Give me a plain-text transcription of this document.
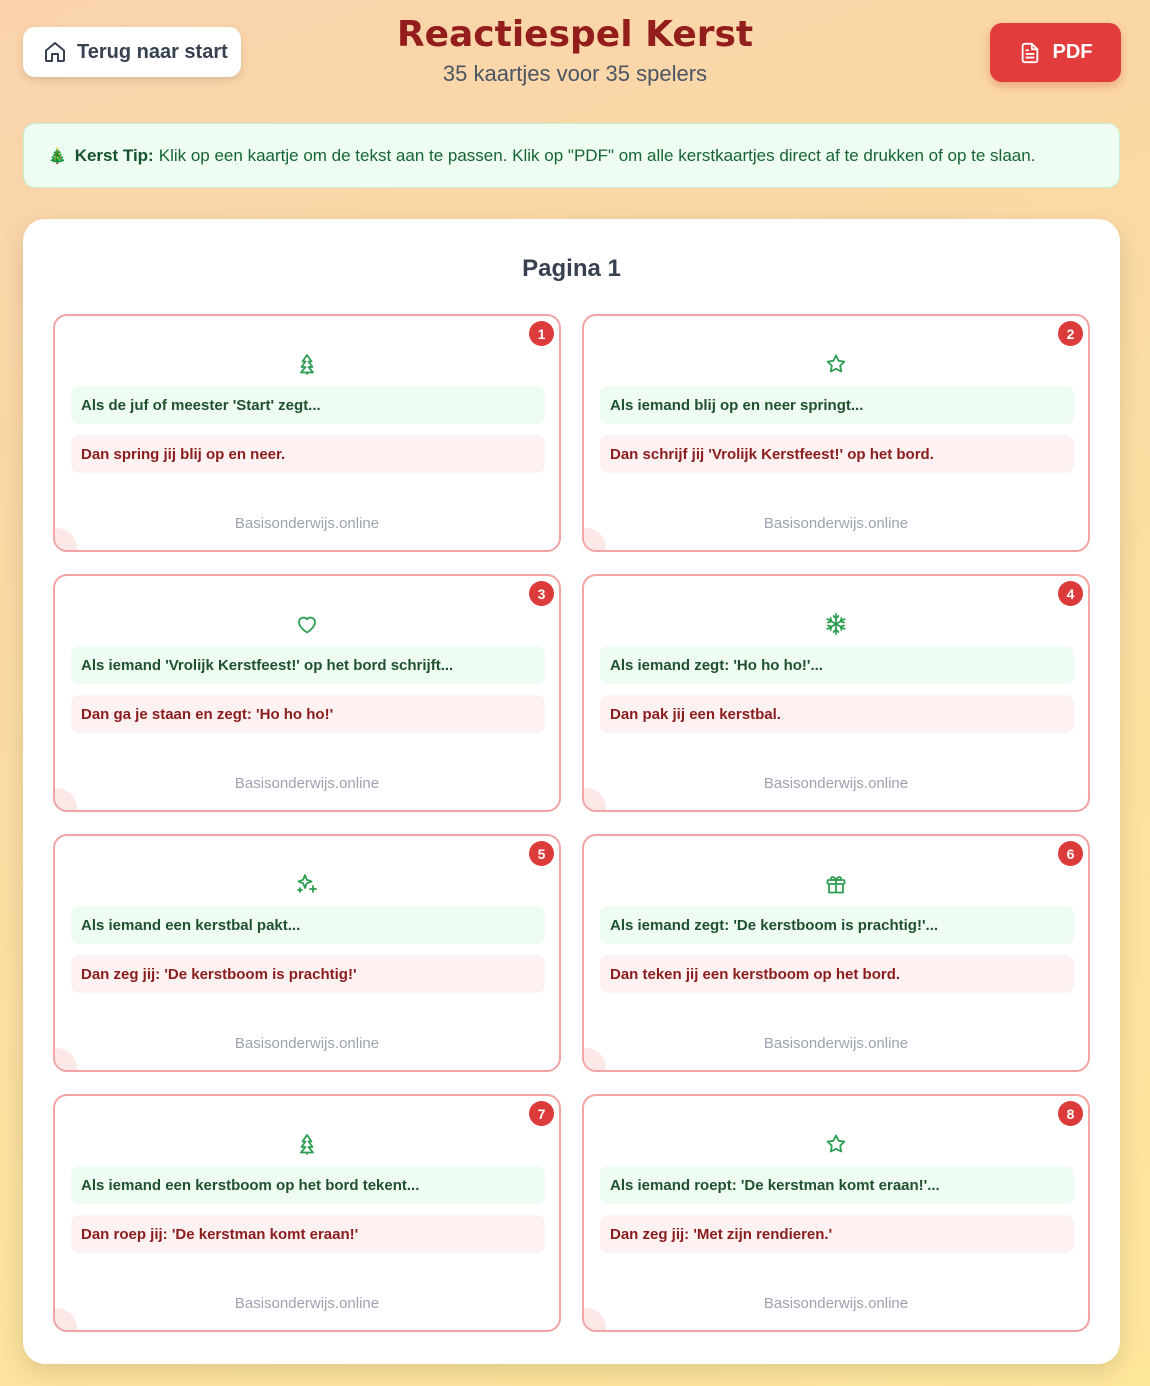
Terug naar start	Reactiespel Kerst
35 kaartjes voor 35 spelers
PDF
🎄 Kerst Tip: Klik op een kaartje om de tekst aan te passen. Klik op "PDF" om alle kerstkaartjes direct af te drukken of op te slaan.
Pagina 1
1
Als de juf of meester 'Start' zegt...
Dan spring jij blij op en neer.
Basisonderwijs.online
2
Als iemand blij op en neer springt...
Dan schrijf jij 'Vrolijk Kerstfeest!' op het bord.
Basisonderwijs.online
3
Als iemand 'Vrolijk Kerstfeest!' op het bord schrijft...
Dan ga je staan en zegt: 'Ho ho ho!'
Basisonderwijs.online
4
Als iemand zegt: 'Ho ho ho!'...
Dan pak jij een kerstbal.
Basisonderwijs.online
5
Als iemand een kerstbal pakt...
Dan zeg jij: 'De kerstboom is prachtig!'
Basisonderwijs.online
6
Als iemand zegt: 'De kerstboom is prachtig!'...
Dan teken jij een kerstboom op het bord.
Basisonderwijs.online
7
Als iemand een kerstboom op het bord tekent...
Dan roep jij: 'De kerstman komt eraan!'
Basisonderwijs.online
8
Als iemand roept: 'De kerstman komt eraan!'...
Dan zeg jij: 'Met zijn rendieren.'
Basisonderwijs.online
